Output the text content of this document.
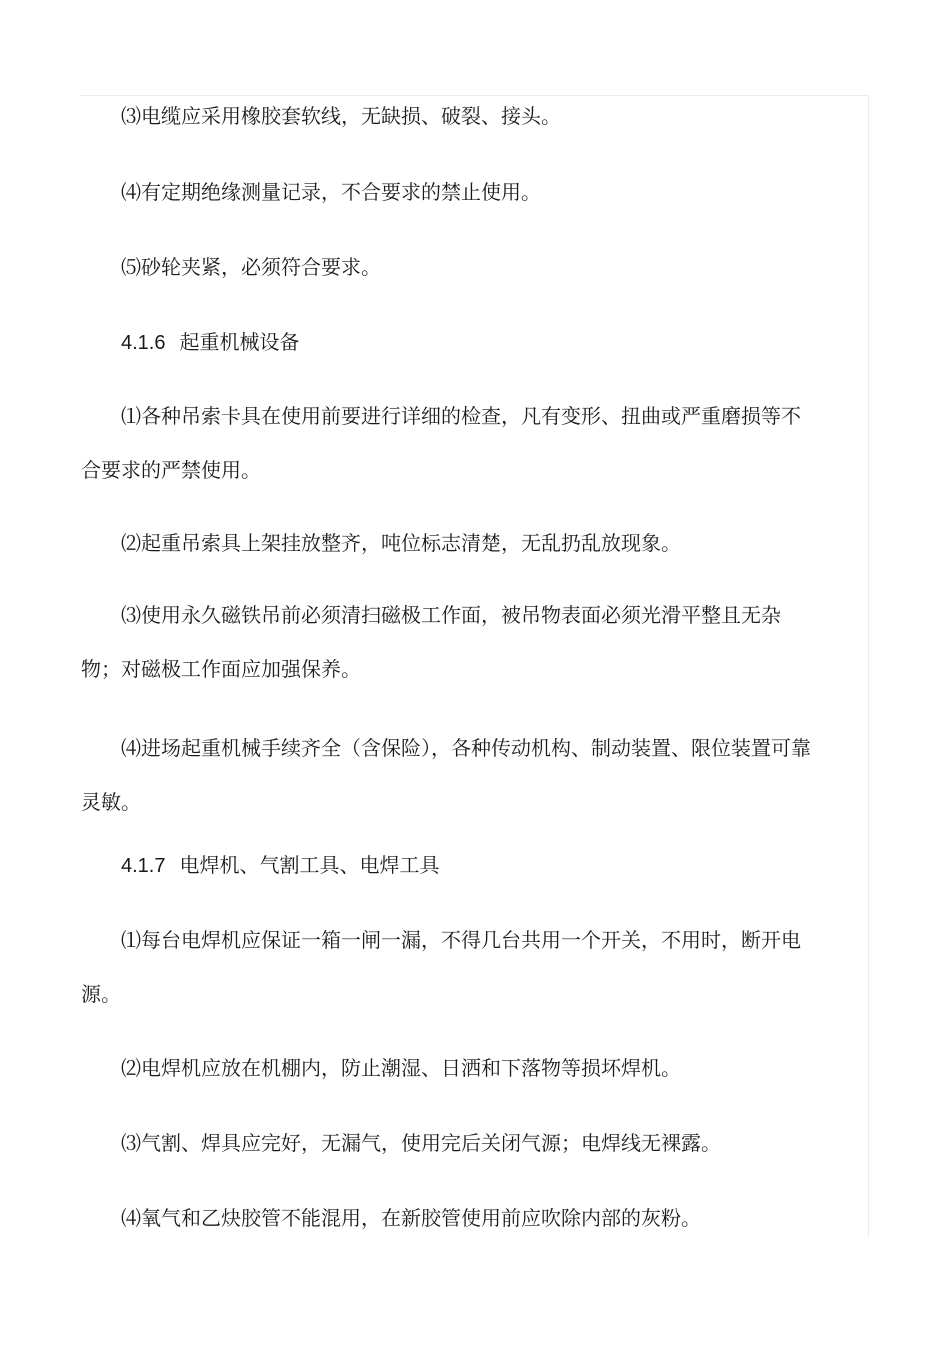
⑶电缆应采用橡胶套软线，无缺损、破裂、接头。

⑷有定期绝缘测量记录，不合要求的禁止使用。

⑸砂轮夹紧，必须符合要求。

4.1.6 起重机械设备

⑴各种吊索卡具在使用前要进行详细的检查，凡有变形、扭曲或严重磨损等不合要求的严禁使用。

⑵起重吊索具上架挂放整齐，吨位标志清楚，无乱扔乱放现象。

⑶使用永久磁铁吊前必须清扫磁极工作面，被吊物表面必须光滑平整且无杂物；对磁极工作面应加强保养。

⑷进场起重机械手续齐全（含保险），各种传动机构、制动装置、限位装置可靠灵敏。

4.1.7 电焊机、气割工具、电焊工具

⑴每台电焊机应保证一箱一闸一漏，不得几台共用一个开关，不用时，断开电源。

⑵电焊机应放在机棚内，防止潮湿、日洒和下落物等损坏焊机。

⑶气割、焊具应完好，无漏气，使用完后关闭气源；电焊线无裸露。

⑷氧气和乙炔胶管不能混用，在新胶管使用前应吹除内部的灰粉。
